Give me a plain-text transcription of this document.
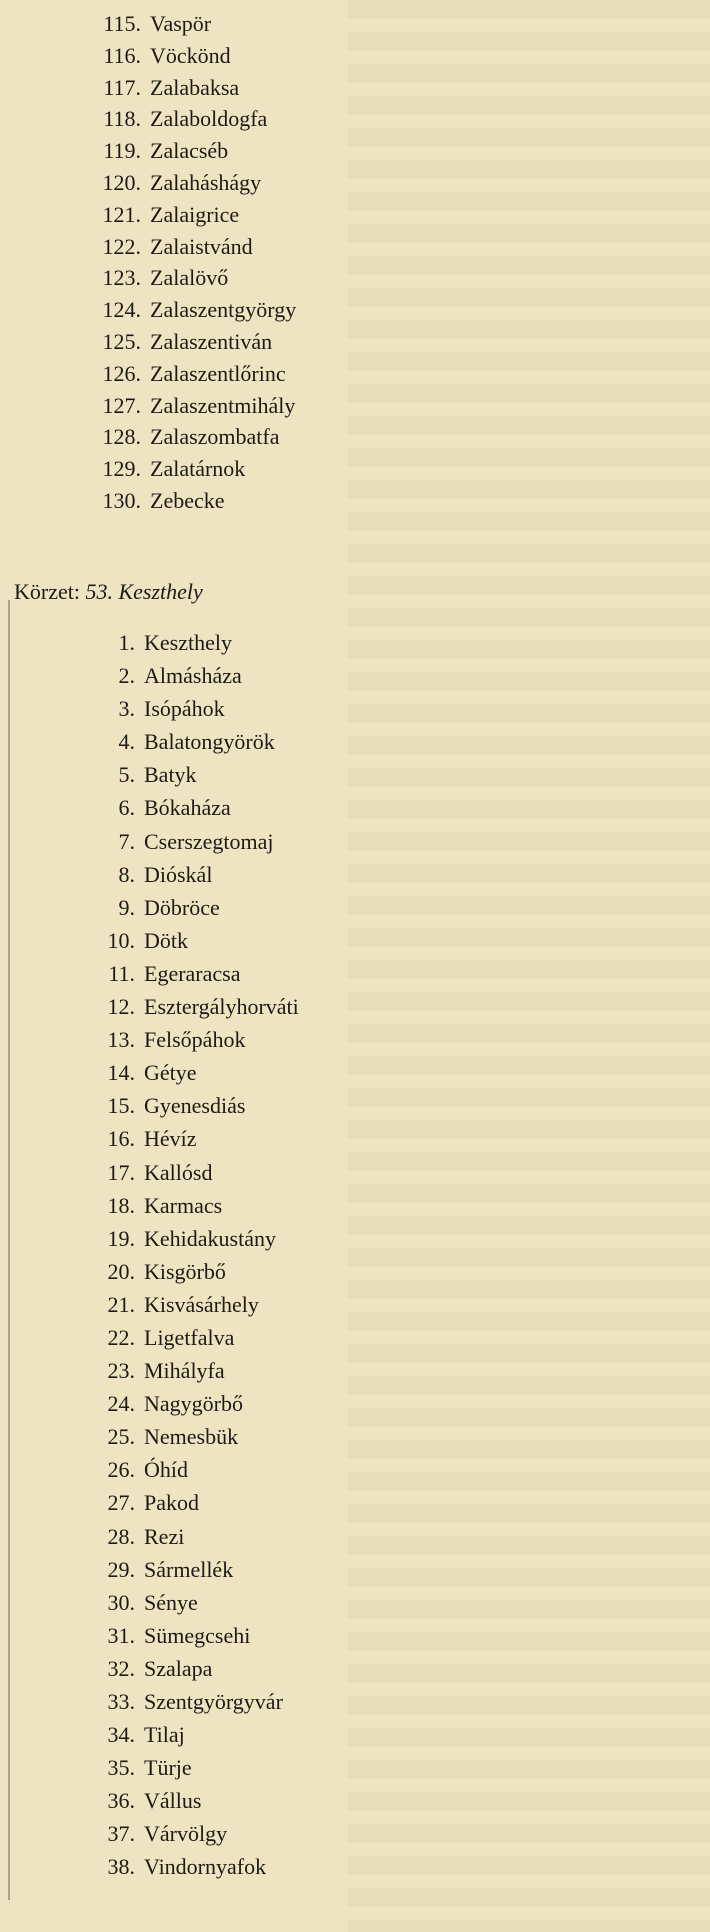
115. Vaspör
116. Vöckönd
117. Zalabaksa
118. Zalaboldogfa
119. Zalacséb
120. Zalaháshágy
121. Zalaigrice
122. Zalaistvánd
123. Zalalövő
124. Zalaszentgyörgy
125. Zalaszentiván
126. Zalaszentlőrinc
127. Zalaszentmihály
128. Zalaszombatfa
129. Zalatárnok
130. Zebecke
Körzet: 53. Keszthely
1. Keszthely
2. Almásháza
3. Isópáhok
4. Balatongyörök
5. Batyk
6. Bókaháza
7. Cserszegtomaj
8. Dióskál
9. Döbröce
10. Dötk
11. Egeraracsa
12. Esztergályhorváti
13. Felsőpáhok
14. Gétye
15. Gyenesdiás
16. Hévíz
17. Kallósd
18. Karmacs
19. Kehidakustány
20. Kisgörbő
21. Kisvásárhely
22. Ligetfalva
23. Mihályfa
24. Nagygörbő
25. Nemesbük
26. Óhíd
27. Pakod
28. Rezi
29. Sármellék
30. Sénye
31. Sümegcsehi
32. Szalapa
33. Szentgyörgyvár
34. Tilaj
35. Türje
36. Vállus
37. Várvölgy
38. Vindornyafok
